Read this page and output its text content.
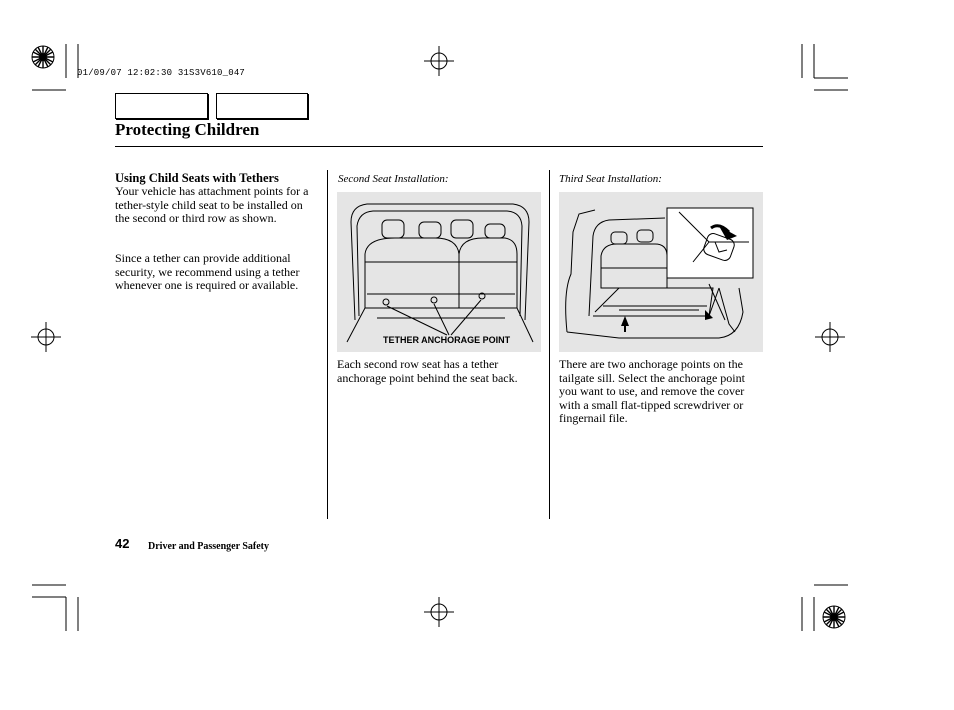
01/09/07 12:02:30 31S3V610_047
Protecting Children
Using Child Seats with Tethers
Your vehicle has attachment points for a tether-style child seat to be installed on the second or third row as shown.
Since a tether can provide additional security, we recommend using a tether whenever one is required or available.
Second Seat Installation:
TETHER ANCHORAGE POINT
Each second row seat has a tether anchorage point behind the seat back.
Third Seat Installation:
There are two anchorage points on the tailgate sill. Select the anchorage point you want to use, and remove the cover with a small flat-tipped screwdriver or fingernail file.
42 Driver and Passenger Safety
